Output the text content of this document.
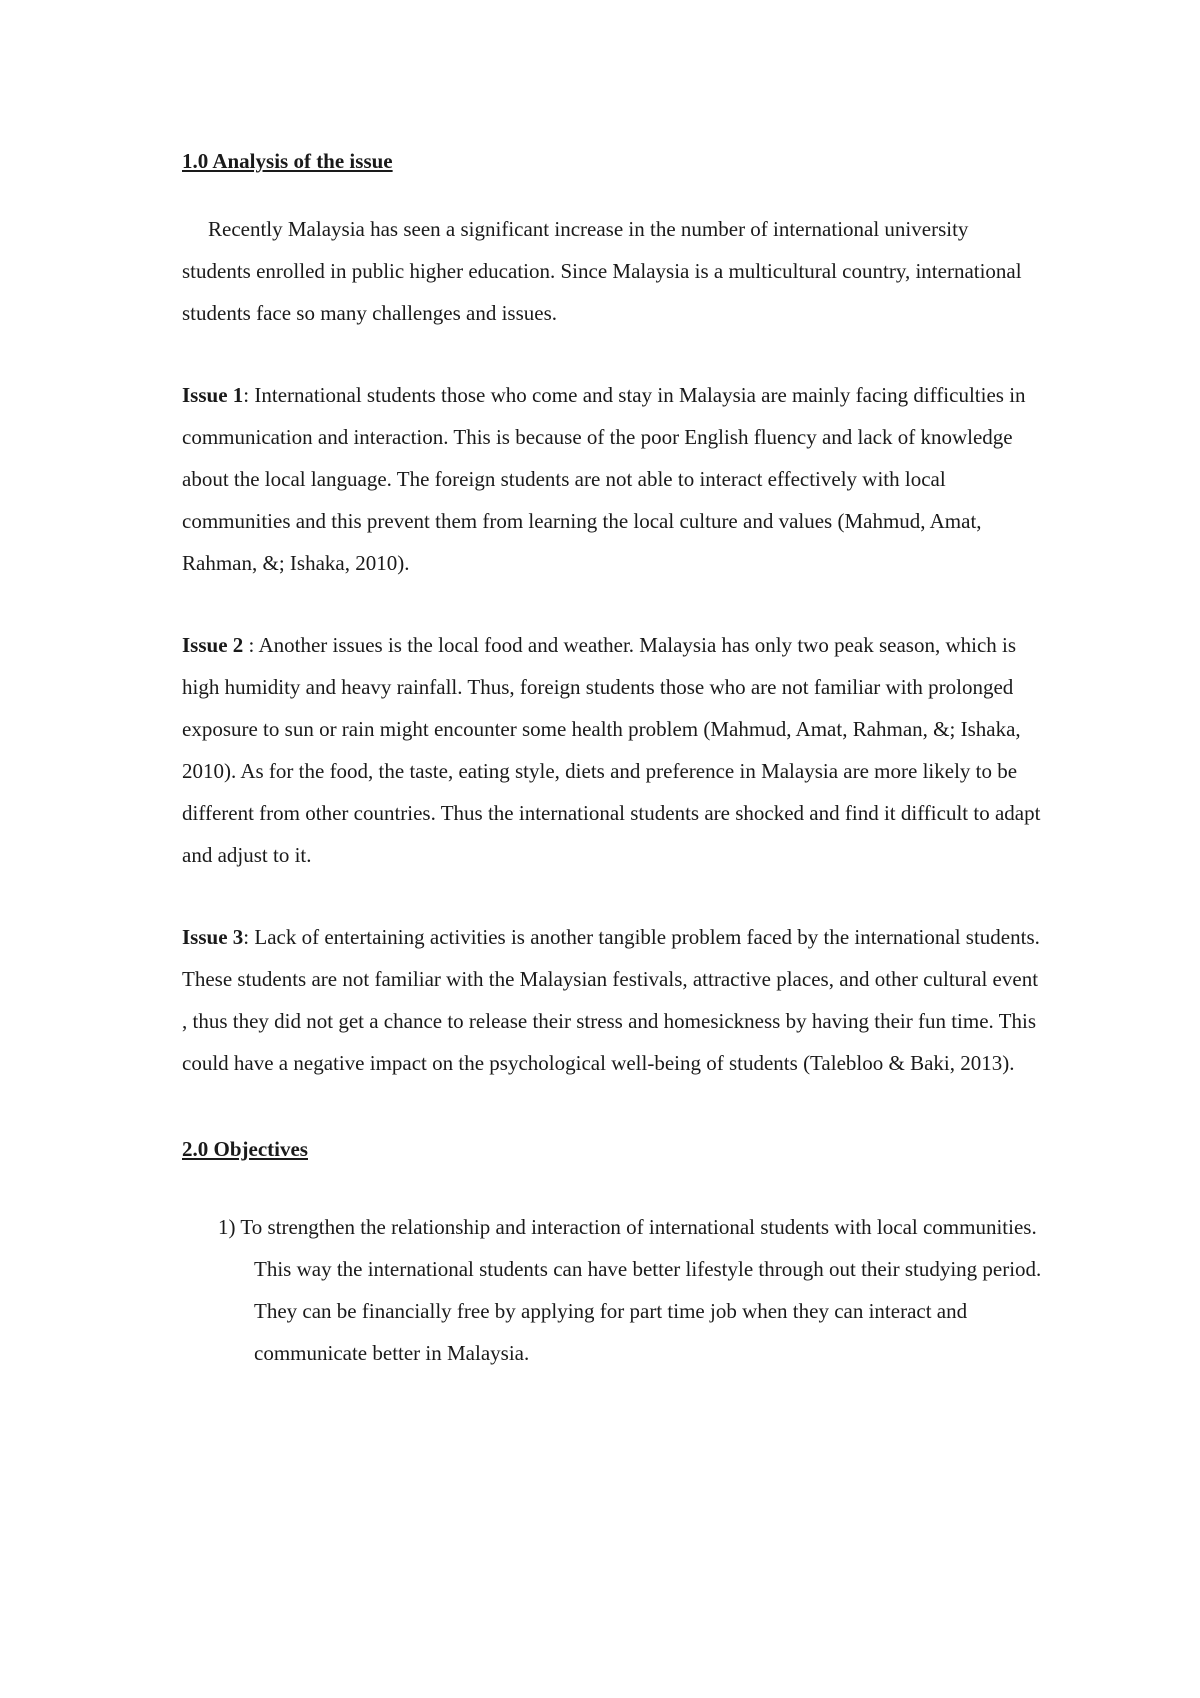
1.0 Analysis of the issue

Recently Malaysia has seen a significant increase in the number of international university students enrolled in public higher education. Since Malaysia is a multicultural country, international students face so many challenges and issues.

Issue 1: International students those who come and stay in Malaysia are mainly facing difficulties in communication and interaction. This is because of the poor English fluency and lack of knowledge about the local language. The foreign students are not able to interact effectively with local communities and this prevent them from learning the local culture and values (Mahmud, Amat, Rahman, &; Ishaka, 2010).

Issue 2 : Another issues is the local food and weather. Malaysia has only two peak season, which is high humidity and heavy rainfall. Thus, foreign students those who are not familiar with prolonged exposure to sun or rain might encounter some health problem (Mahmud, Amat, Rahman, &; Ishaka, 2010). As for the food, the taste, eating style, diets and preference in Malaysia are more likely to be different from other countries. Thus the international students are shocked and find it difficult to adapt and adjust to it.

Issue 3: Lack of entertaining activities is another tangible problem faced by the international students. These students are not familiar with the Malaysian festivals, attractive places, and other cultural event , thus they did not get a chance to release their stress and homesickness by having their fun time. This could have a negative impact on the psychological well-being of students (Talebloo & Baki, 2013).

2.0 Objectives

1) To strengthen the relationship and interaction of international students with local communities. This way the international students can have better lifestyle through out their studying period. They can be financially free by applying for part time job when they can interact and communicate better in Malaysia.
